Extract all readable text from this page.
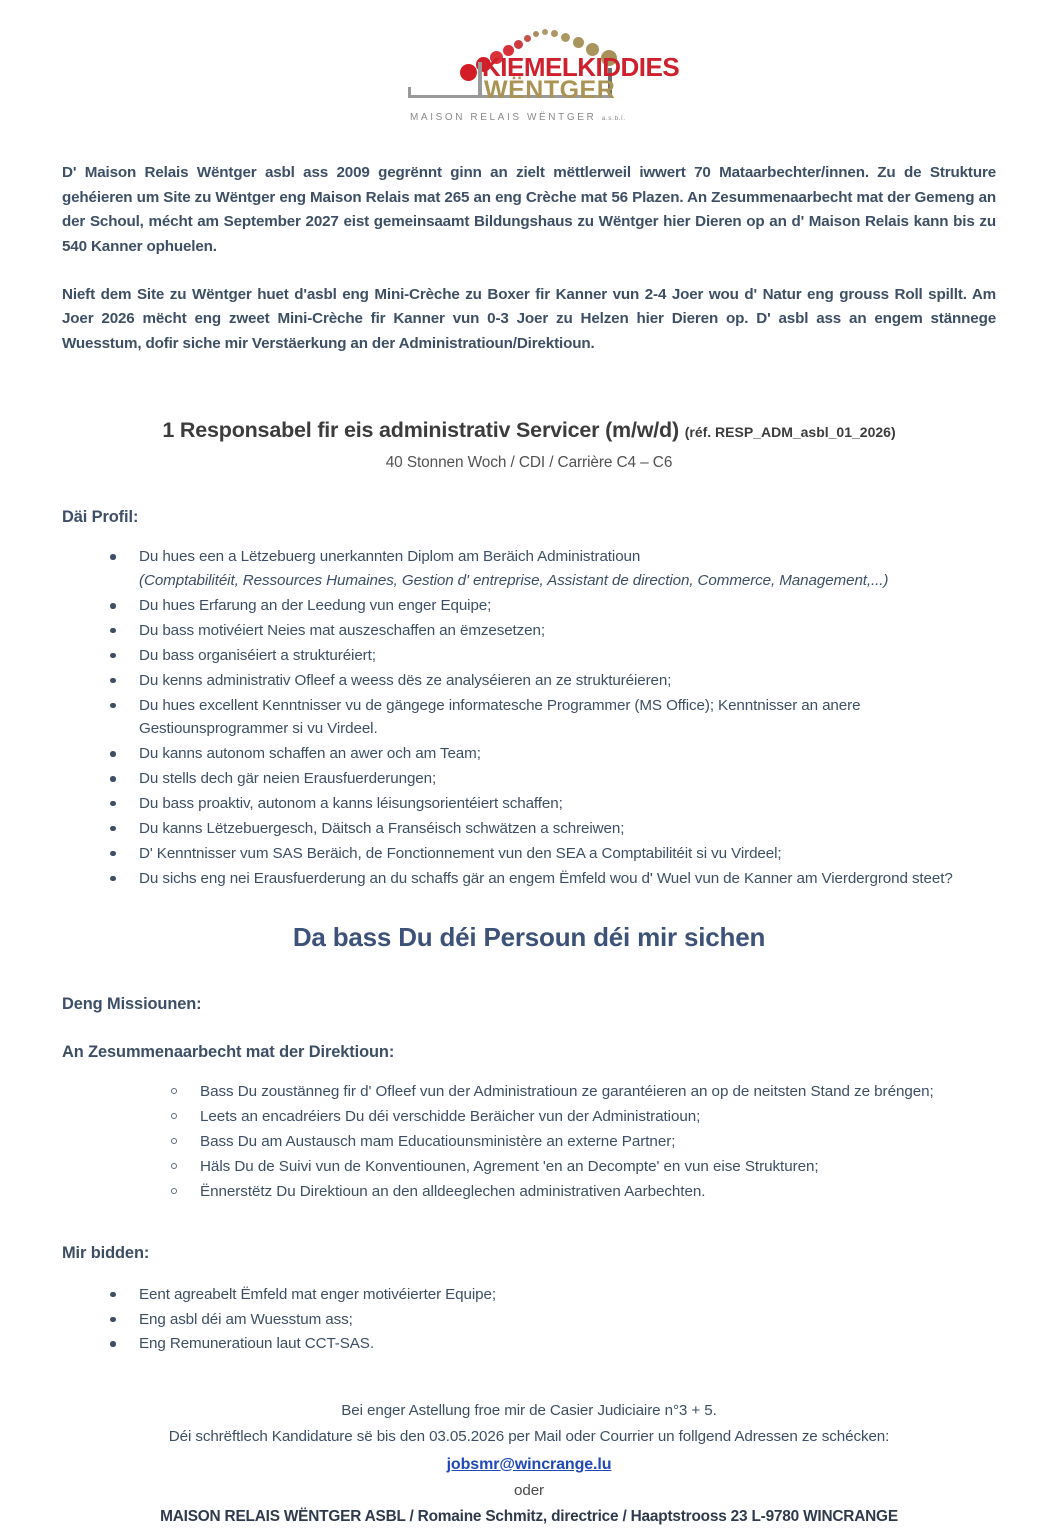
KIEMELKIDDIES
WËNTGER
MAISON RELAIS WËNTGER a.s.b.l.

D' Maison Relais Wëntger asbl ass 2009 gegrënnt ginn an zielt mëttlerweil iwwert 70 Mataarbechter/innen. Zu de Strukture gehéieren um Site zu Wëntger eng Maison Relais mat 265 an eng Crèche mat 56 Plazen. An Zesummenaarbecht mat der Gemeng an der Schoul, mécht am September 2027 eist gemeinsaamt Bildungshaus zu Wëntger hier Dieren op an d' Maison Relais kann bis zu 540 Kanner ophuelen.

Nieft dem Site zu Wëntger huet d'asbl eng Mini-Crèche zu Boxer fir Kanner vun 2-4 Joer wou d' Natur eng grouss Roll spillt. Am Joer 2026 mëcht eng zweet Mini-Crèche fir Kanner vun 0-3 Joer zu Helzen hier Dieren op. D' asbl ass an engem stännege Wuesstum, dofir siche mir Verstäerkung an der Administratioun/Direktioun.

1 Responsabel fir eis administrativ Servicer (m/w/d) (réf. RESP_ADM_asbl_01_2026)
40 Stonnen Woch / CDI / Carrière C4 – C6
Däi Profil:
Du hues een a Lëtzebuerg unerkannten Diplom am Beräich Administratioun
(Comptabilitéit, Ressources Humaines, Gestion d' entreprise, Assistant de direction, Commerce, Management,...)
Du hues Erfarung an der Leedung vun enger Equipe;
Du bass motivéiert Neies mat auszeschaffen an ëmzesetzen;
Du bass organiséiert a strukturéiert;
Du kenns administrativ Ofleef a weess dës ze analyséieren an ze strukturéieren;
Du hues excellent Kenntnisser vu de gängege informatesche Programmer (MS Office); Kenntnisser an anere Gestiounsprogrammer si vu Virdeel.
Du kanns autonom schaffen an awer och am Team;
Du stells dech gär neien Erausfuerderungen;
Du bass proaktiv, autonom a kanns léisungsorientéiert schaffen;
Du kanns Lëtzebuergesch, Däitsch a Franséisch schwätzen a schreiwen;
D' Kenntnisser vum SAS Beräich, de Fonctionnement vun den SEA a Comptabilitéit si vu Virdeel;
Du sichs eng nei Erausfuerderung an du schaffs gär an engem Ëmfeld wou d' Wuel vun de Kanner am Vierdergrond steet?
Da bass Du déi Persoun déi mir sichen
Deng Missiounen:
An Zesummenaarbecht mat der Direktioun:
Bass Du zoustänneg fir d' Ofleef vun der Administratioun ze garantéieren an op de neitsten Stand ze bréngen;
Leets an encadréiers Du déi verschidde Beräicher vun der Administratioun;
Bass Du am Austausch mam Educatiounsministère an externe Partner;
Häls Du de Suivi vun de Konventiounen, Agrement 'en an Decompte' en vun eise Strukturen;
Ënnerstëtz Du Direktioun an den alldeeglechen administrativen Aarbechten.
Mir bidden:
Eent agreabelt Ëmfeld mat enger motivéierter Equipe;
Eng asbl déi am Wuesstum ass;
Eng Remuneratioun laut CCT-SAS.
Bei enger Astellung froe mir de Casier Judiciaire n°3 + 5.
Déi schrëftlech Kandidature së bis den 03.05.2026 per Mail oder Courrier un follgend Adressen ze schécken:
jobsmr@wincrange.lu
oder
MAISON RELAIS WËNTGER ASBL / Romaine Schmitz, directrice / Haaptstrooss 23 L-9780 WINCRANGE
